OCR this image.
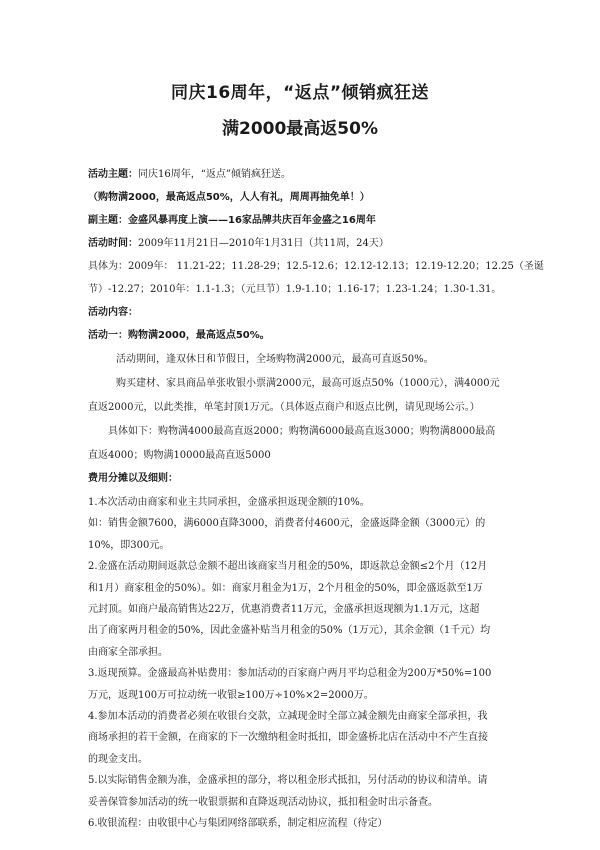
同庆16周年，“返点”倾销疯狂送
满2000最高返50%
活动主题：同庆16周年，“返点”倾销疯狂送。
（购物满2000，最高返点50%，人人有礼，周周再抽免单！）
副主题：金盛风暴再度上演——16家品牌共庆百年金盛之16周年
活动时间：2009年11月21日—2010年1月31日（共11周，24天）
具体为：2009年： 11.21-22；11.28-29；12.5-12.6；12.12-12.13；12.19-12.20；12.25（圣诞
节）-12.27；2010年：1.1-1.3；（元旦节）1.9-1.10；1.16-17；1.23-1.24；1.30-1.31。
活动内容：
活动一：购物满2000，最高返点50%。
活动期间，逢双休日和节假日，全场购物满2000元，最高可直返50%。
购买建材、家具商品单张收银小票满2000元，最高可返点50%（1000元），满4000元
直返2000元，以此类推，单笔封顶1万元。（具体返点商户和返点比例，请见现场公示。）
具体如下：购物满4000最高直返2000；购物满6000最高直返3000；购物满8000最高
直返4000；购物满10000最高直返5000
费用分摊以及细则：
1.本次活动由商家和业主共同承担，金盛承担返现金额的10%。
如：销售金额7600，满6000直降3000，消费者付4600元，金盛返降金额（3000元）的
10%，即300元。
2.金盛在活动期间返款总金额不超出该商家当月租金的50%，即返款总金额≤2个月（12月
和1月）商家租金的50%）。如：商家月租金为1万，2个月租金的50%，即金盛返款至1万
元封顶。如商户最高销售达22万，优惠消费者11万元，金盛承担返现额为1.1万元，这超
出了商家两月租金的50%，因此金盛补贴当月租金的50%（1万元），其余金额（1千元）均
由商家全部承担。
3.返现预算。金盛最高补贴费用：参加活动的百家商户两月平均总租金为200万*50%=100
万元，返现100万可拉动统一收银≥100万÷10%×2=2000万。
4.参加本活动的消费者必须在收银台交款，立减现金时全部立减金额先由商家全部承担，我
商场承担的若干金额，在商家的下一次缴纳租金时抵扣，即金盛桥北店在活动中不产生直接
的现金支出。
5.以实际销售金额为准，金盛承担的部分，将以租金形式抵扣，另付活动的协议和清单。请
妥善保管参加活动的统一收银票据和直降返现活动协议，抵扣租金时出示备查。
6.收银流程：由收银中心与集团网络部联系，制定相应流程（待定）
